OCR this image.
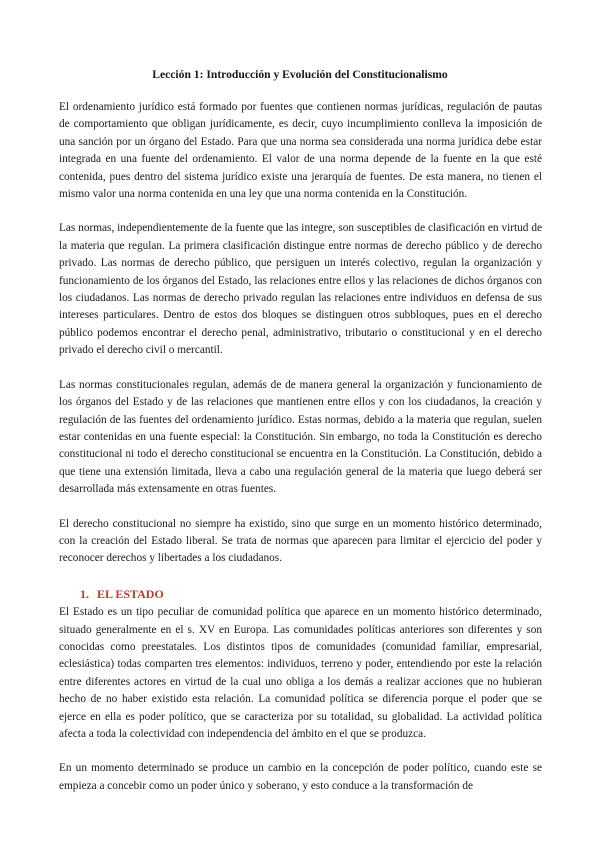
Lección 1: Introducción y Evolución del Constitucionalismo

El ordenamiento jurídico está formado por fuentes que contienen normas jurídicas, regulación de pautas de comportamiento que obligan jurídicamente, es decir, cuyo incumplimiento conlleva la imposición de una sanción por un órgano del Estado. Para que una norma sea considerada una norma jurídica debe estar integrada en una fuente del ordenamiento. El valor de una norma depende de la fuente en la que esté contenida, pues dentro del sistema jurídico existe una jerarquía de fuentes. De esta manera, no tienen el mismo valor una norma contenida en una ley que una norma contenida en la Constitución.

Las normas, independientemente de la fuente que las integre, son susceptibles de clasificación en virtud de la materia que regulan. La primera clasificación distingue entre normas de derecho público y de derecho privado. Las normas de derecho público, que persiguen un interés colectivo, regulan la organización y funcionamiento de los órganos del Estado, las relaciones entre ellos y las relaciones de dichos órganos con los ciudadanos. Las normas de derecho privado regulan las relaciones entre individuos en defensa de sus intereses particulares. Dentro de estos dos bloques se distinguen otros subbloques, pues en el derecho público podemos encontrar el derecho penal, administrativo, tributario o constitucional y en el derecho privado el derecho civil o mercantil.

Las normas constitucionales regulan, además de de manera general la organización y funcionamiento de los órganos del Estado y de las relaciones que mantienen entre ellos y con los ciudadanos, la creación y regulación de las fuentes del ordenamiento jurídico. Estas normas, debido a la materia que regulan, suelen estar contenidas en una fuente especial: la Constitución. Sin embargo, no toda la Constitución es derecho constitucional ni todo el derecho constitucional se encuentra en la Constitución. La Constitución, debido a que tiene una extensión limitada, lleva a cabo una regulación general de la materia que luego deberá ser desarrollada más extensamente en otras fuentes.

El derecho constitucional no siempre ha existido, sino que surge en un momento histórico determinado, con la creación del Estado liberal. Se trata de normas que aparecen para limitar el ejercicio del poder y reconocer derechos y libertades a los ciudadanos.

1. EL ESTADO

El Estado es un tipo peculiar de comunidad política que aparece en un momento histórico determinado, situado generalmente en el s. XV en Europa. Las comunidades políticas anteriores son diferentes y son conocidas como preestatales. Los distintos tipos de comunidades (comunidad familiar, empresarial, eclesiástica) todas comparten tres elementos: individuos, terreno y poder, entendiendo por este la relación entre diferentes actores en virtud de la cual uno obliga a los demás a realizar acciones que no hubieran hecho de no haber existido esta relación. La comunidad política se diferencia porque el poder que se ejerce en ella es poder político, que se caracteriza por su totalidad, su globalidad. La actividad política afecta a toda la colectividad con independencia del ámbito en el que se produzca.

En un momento determinado se produce un cambio en la concepción de poder político, cuando este se empieza a concebir como un poder único y soberano, y esto conduce a la transformación de
